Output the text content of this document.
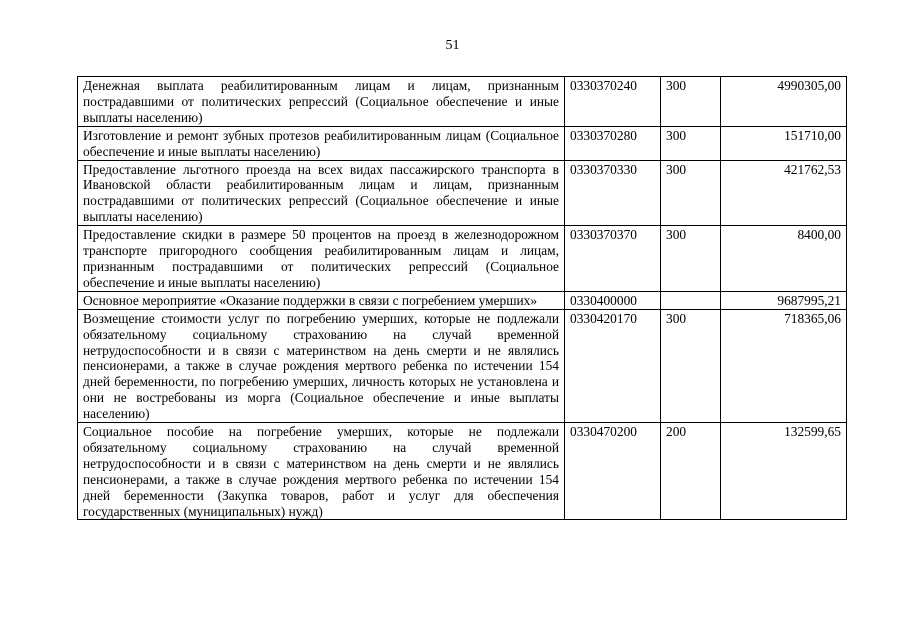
51
Денежная выплата реабилитированным лицам и лицам, признанным пострадавшими от политических репрессий (Социальное обеспечение и иные выплаты населению)	0330370240	300	4990305,00
Изготовление и ремонт зубных протезов реабилитированным лицам (Социальное обеспечение и иные выплаты населению)	0330370280	300	151710,00
Предоставление льготного проезда на всех видах пассажирского транспорта в Ивановской области реабилитированным лицам и лицам, признанным пострадавшими от политических репрессий (Социальное обеспечение и иные выплаты населению)	0330370330	300	421762,53
Предоставление скидки в размере 50 процентов на проезд в железнодорожном транспорте пригородного сообщения реабилитированным лицам и лицам, признанным пострадавшими от политических репрессий (Социальное обеспечение и иные выплаты населению)	0330370370	300	8400,00
Основное мероприятие «Оказание поддержки в связи с погребением умерших»	0330400000		9687995,21
Возмещение стоимости услуг по погребению умерших, которые не подлежали обязательному социальному страхованию на случай временной нетрудоспособности и в связи с материнством на день смерти и не являлись пенсионерами, а также в случае рождения мертвого ребенка по истечении 154 дней беременности, по погребению умерших, личность которых не установлена и они не востребованы из морга (Социальное обеспечение и иные выплаты населению)	0330420170	300	718365,06
Социальное пособие на погребение умерших, которые не подлежали обязательному социальному страхованию на случай временной нетрудоспособности и в связи с материнством на день смерти и не являлись пенсионерами, а также в случае рождения мертвого ребенка по истечении 154 дней беременности (Закупка товаров, работ и услуг для обеспечения государственных (муниципальных) нужд)	0330470200	200	132599,65
